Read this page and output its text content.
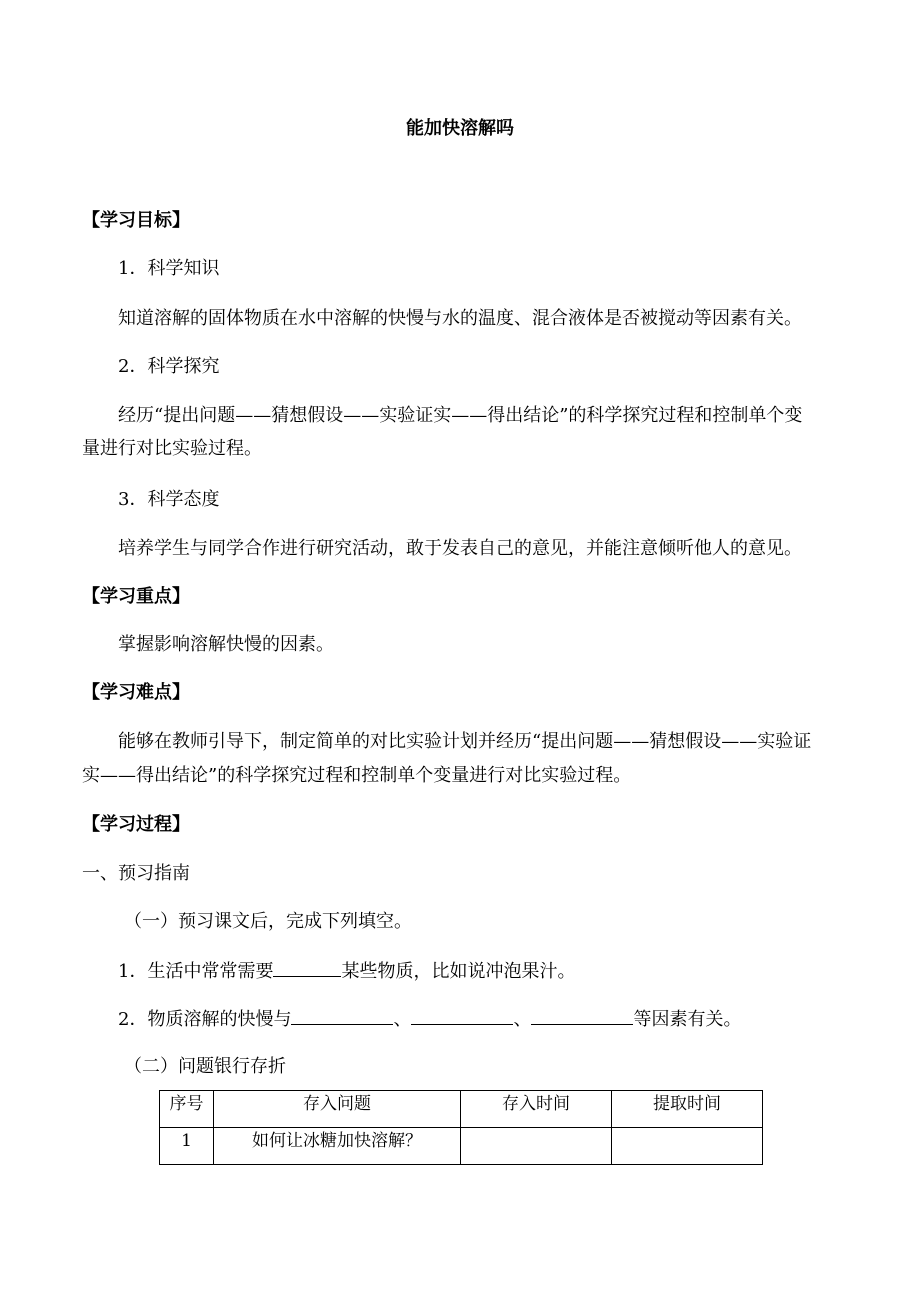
能加快溶解吗
【学习目标】
1．科学知识
知道溶解的固体物质在水中溶解的快慢与水的温度、混合液体是否被搅动等因素有关。
2．科学探究
经历“提出问题——猜想假设——实验证实——得出结论”的科学探究过程和控制单个变
量进行对比实验过程。
3．科学态度
培养学生与同学合作进行研究活动，敢于发表自己的意见，并能注意倾听他人的意见。
【学习重点】
掌握影响溶解快慢的因素。
【学习难点】
能够在教师引导下，制定简单的对比实验计划并经历“提出问题——猜想假设——实验证
实——得出结论”的科学探究过程和控制单个变量进行对比实验过程。
【学习过程】
一、预习指南
（一）预习课文后，完成下列填空。
1．生活中常常需要	某些物质，比如说冲泡果汁。
2．物质溶解的快慢与	、	、	等因素有关。
（二）问题银行存折
序号	存入问题	存入时间	提取时间
1	如何让冰糖加快溶解？		
